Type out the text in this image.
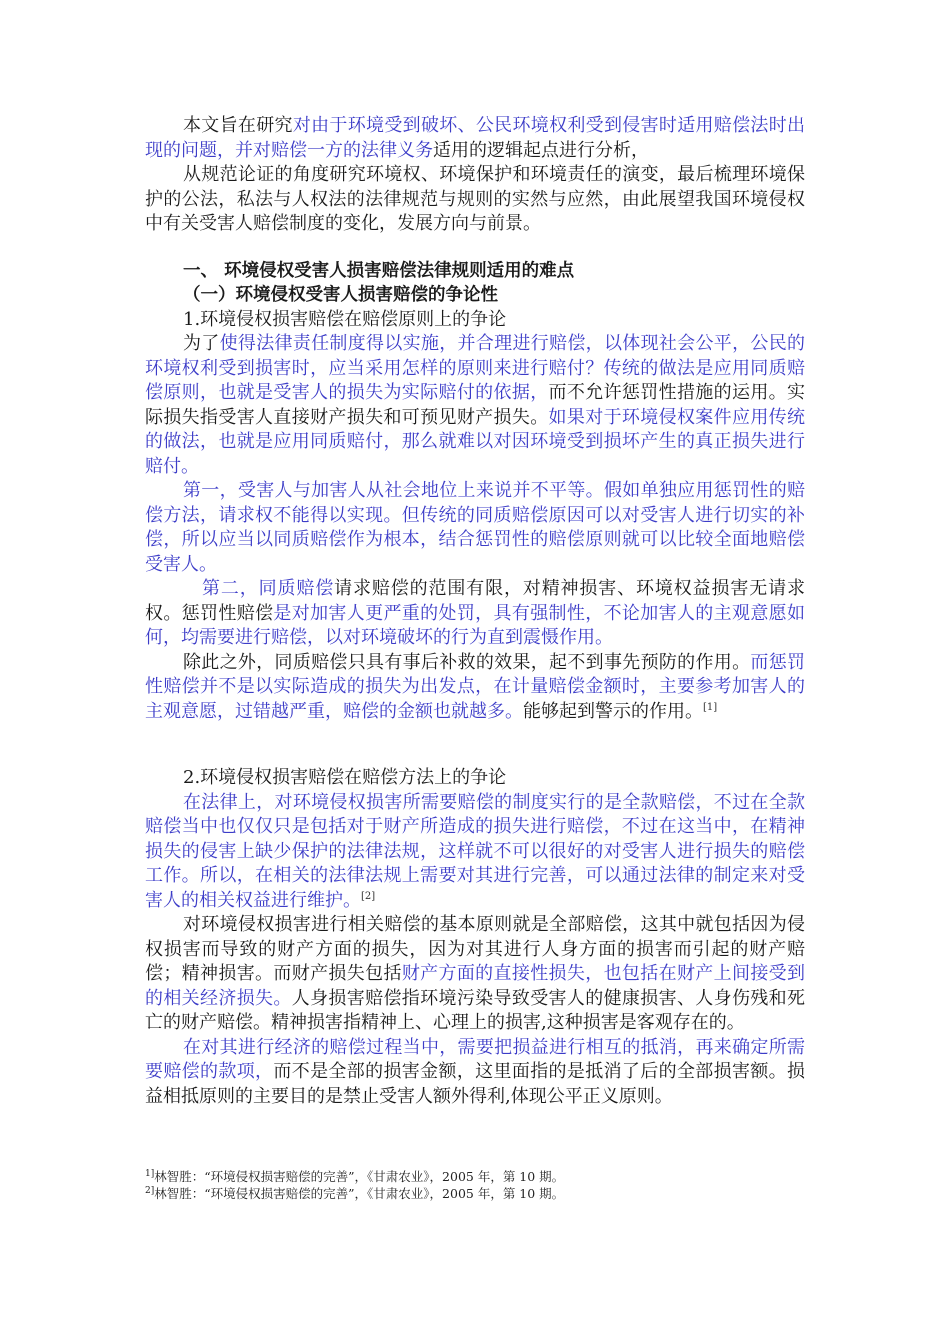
本文旨在研究对由于环境受到破坏、公民环境权利受到侵害时适用赔偿法时出现的问题，并对赔偿一方的法律义务适用的逻辑起点进行分析，

从规范论证的角度研究环境权、环境保护和环境责任的演变，最后梳理环境保护的公法，私法与人权法的法律规范与规则的实然与应然，由此展望我国环境侵权中有关受害人赔偿制度的变化，发展方向与前景。

一、 环境侵权受害人损害赔偿法律规则适用的难点

（一）环境侵权受害人损害赔偿的争论性

1.环境侵权损害赔偿在赔偿原则上的争论

为了使得法律责任制度得以实施，并合理进行赔偿，以体现社会公平，公民的环境权利受到损害时，应当采用怎样的原则来进行赔付？传统的做法是应用同质赔偿原则，也就是受害人的损失为实际赔付的依据，而不允许惩罚性措施的运用。实际损失指受害人直接财产损失和可预见财产损失。如果对于环境侵权案件应用传统的做法，也就是应用同质赔付，那么就难以对因环境受到损坏产生的真正损失进行赔付。

第一，受害人与加害人从社会地位上来说并不平等。假如单独应用惩罚性的赔偿方法，请求权不能得以实现。但传统的同质赔偿原因可以对受害人进行切实的补偿，所以应当以同质赔偿作为根本，结合惩罚性的赔偿原则就可以比较全面地赔偿受害人。

第二，同质赔偿请求赔偿的范围有限，对精神损害、环境权益损害无请求权。惩罚性赔偿是对加害人更严重的处罚，具有强制性，不论加害人的主观意愿如何，均需要进行赔偿，以对环境破坏的行为直到震慑作用。

除此之外，同质赔偿只具有事后补救的效果，起不到事先预防的作用。而惩罚性赔偿并不是以实际造成的损失为出发点，在计量赔偿金额时，主要参考加害人的主观意愿，过错越严重，赔偿的金额也就越多。能够起到警示的作用。[1]

2.环境侵权损害赔偿在赔偿方法上的争论

在法律上，对环境侵权损害所需要赔偿的制度实行的是全款赔偿，不过在全款赔偿当中也仅仅只是包括对于财产所造成的损失进行赔偿，不过在这当中，在精神损失的侵害上缺少保护的法律法规，这样就不可以很好的对受害人进行损失的赔偿工作。所以，在相关的法律法规上需要对其进行完善，可以通过法律的制定来对受害人的相关权益进行维护。[2]

对环境侵权损害进行相关赔偿的基本原则就是全部赔偿，这其中就包括因为侵权损害而导致的财产方面的损失，因为对其进行人身方面的损害而引起的财产赔偿；精神损害。而财产损失包括财产方面的直接性损失，也包括在财产上间接受到的相关经济损失。人身损害赔偿指环境污染导致受害人的健康损害、人身伤残和死亡的财产赔偿。精神损害指精神上、心理上的损害,这种损害是客观存在的。

在对其进行经济的赔偿过程当中，需要把损益进行相互的抵消，再来确定所需要赔偿的款项，而不是全部的损害金额，这里面指的是抵消了后的全部损害额。损益相抵原则的主要目的是禁止受害人额外得利,体现公平正义原则。

$^{1]}$林智胜：“环境侵权损害赔偿的完善”，《甘肃农业》，2005 年，第 10 期。
$^{2]}$林智胜：“环境侵权损害赔偿的完善”，《甘肃农业》，2005 年，第 10 期。
